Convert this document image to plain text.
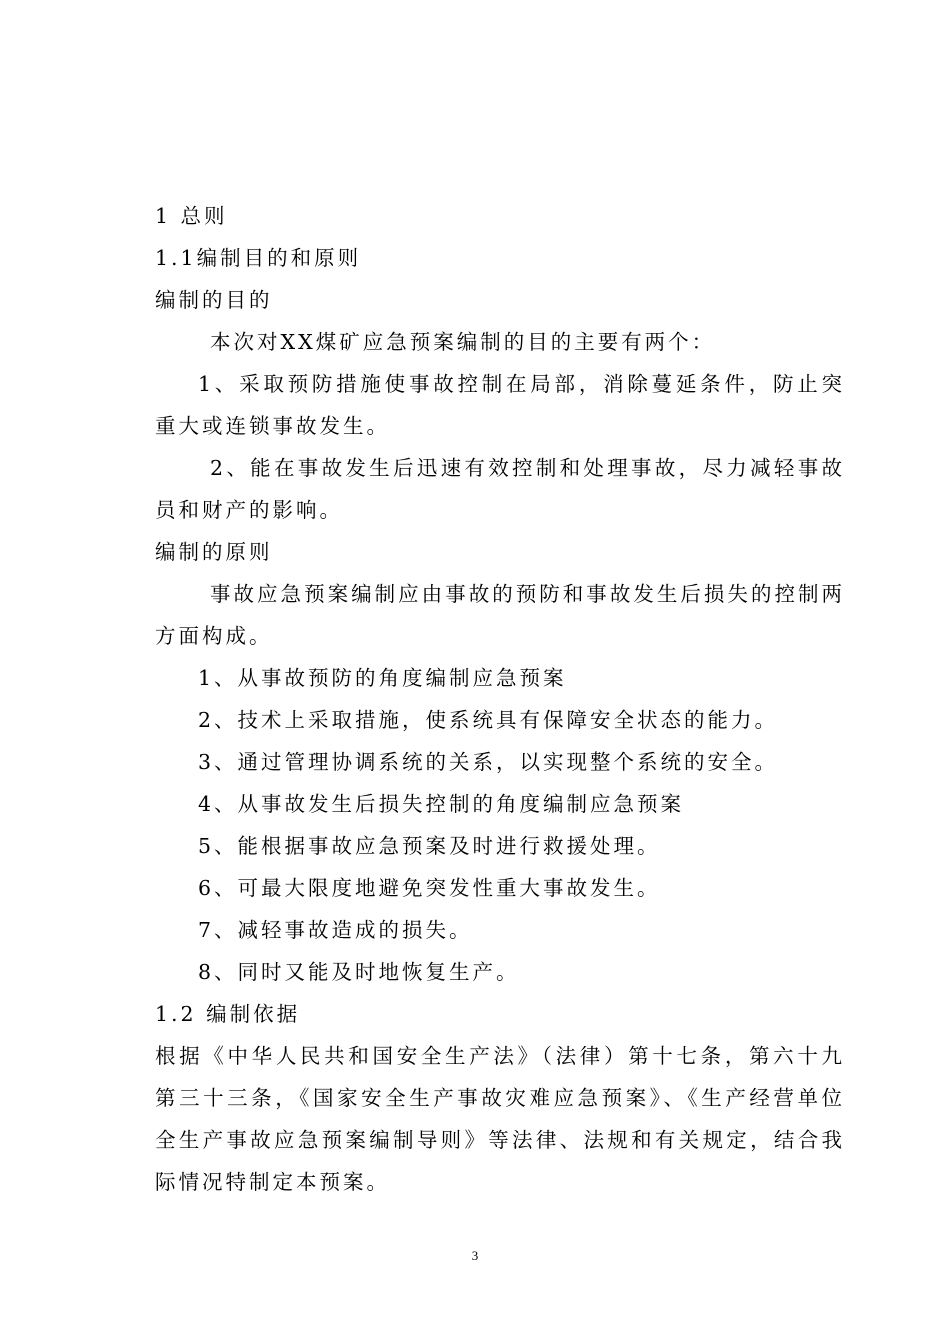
1 总则
1.1编制目的和原则
编制的目的
本次对XX煤矿应急预案编制的目的主要有两个：
1、采取预防措施使事故控制在局部，消除蔓延条件，防止突
重大或连锁事故发生。
2、能在事故发生后迅速有效控制和处理事故，尽力减轻事故
员和财产的影响。
编制的原则
事故应急预案编制应由事故的预防和事故发生后损失的控制两
方面构成。
1、从事故预防的角度编制应急预案
2、技术上采取措施，使系统具有保障安全状态的能力。
3、通过管理协调系统的关系，以实现整个系统的安全。
4、从事故发生后损失控制的角度编制应急预案
5、能根据事故应急预案及时进行救援处理。
6、可最大限度地避免突发性重大事故发生。
7、减轻事故造成的损失。
8、同时又能及时地恢复生产。
1.2 编制依据
根据《中华人民共和国安全生产法》（法律）第十七条，第六十九
第三十三条，《国家安全生产事故灾难应急预案》、《生产经营单位
全生产事故应急预案编制导则》等法律、法规和有关规定，结合我
际情况特制定本预案。
3
